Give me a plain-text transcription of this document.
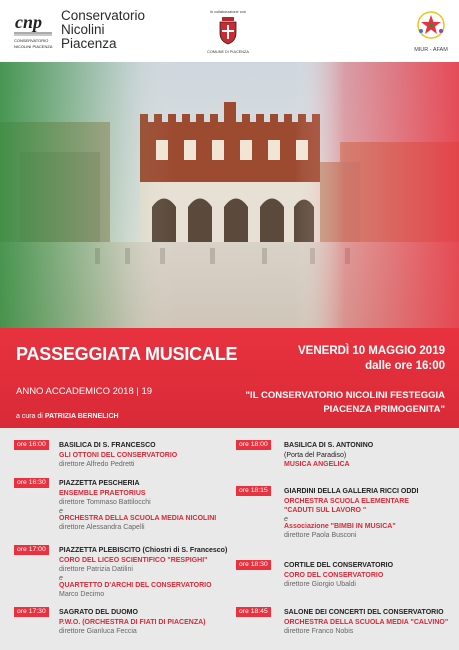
cnp
CONSERVATORIO
NICOLINI PIACENZA
Conservatorio
Nicolini
Piacenza
in collaborazione con
COMUNE DI PIACENZA	MIUR - AFAM
PASSEGGIATA MUSICALE	VENERDÌ 10 MAGGIO 2019
dalle ore 16:00
ANNO ACCADEMICO 2018 | 19	"IL CONSERVATORIO NICOLINI FESTEGGIA
PIACENZA PRIMOGENITA"
a cura di PATRIZIA BERNELICH
ore 16:00 BASILICA DI S. FRANCESCO
GLI OTTONI DEL CONSERVATORIO
direttore Alfredo Pedretti
ore 16:30 PIAZZETTA PESCHERIA
ENSEMBLE PRAETORIUS
direttore Tommaso Battilocchi
e
ORCHESTRA DELLA SCUOLA MEDIA NICOLINI
direttore Alessandra Capelli
ore 17:00 PIAZZETTA PLEBISCITO (Chiostri di S. Francesco)
CORO DEL LICEO SCIENTIFICO "RESPIGHI"
direttore Patrizia Datilini
e
QUARTETTO D'ARCHI DEL CONSERVATORIO
Marco Decimo
ore 17:30 SAGRATO DEL DUOMO
P.W.O. (ORCHESTRA DI FIATI DI PIACENZA)
direttore Gianluca Feccia
ore 18:00 BASILICA DI S. ANTONINO
(Porta del Paradiso)
MUSICA ANGELICA
ore 18:15 GIARDINI DELLA GALLERIA RICCI ODDI
ORCHESTRA SCUOLA ELEMENTARE
"CADUTI SUL LAVORO "
e
Associazione "BIMBI IN MUSICA"
direttore Paola Busconi
ore 18:30 CORTILE DEL CONSERVATORIO
CORO DEL CONSERVATORIO
direttore Giorgio Ubaldi
ore 18:45 SALONE DEI CONCERTI DEL CONSERVATORIO
ORCHESTRA DELLA SCUOLA MEDIA "CALVINO"
direttore Franco Nobis
